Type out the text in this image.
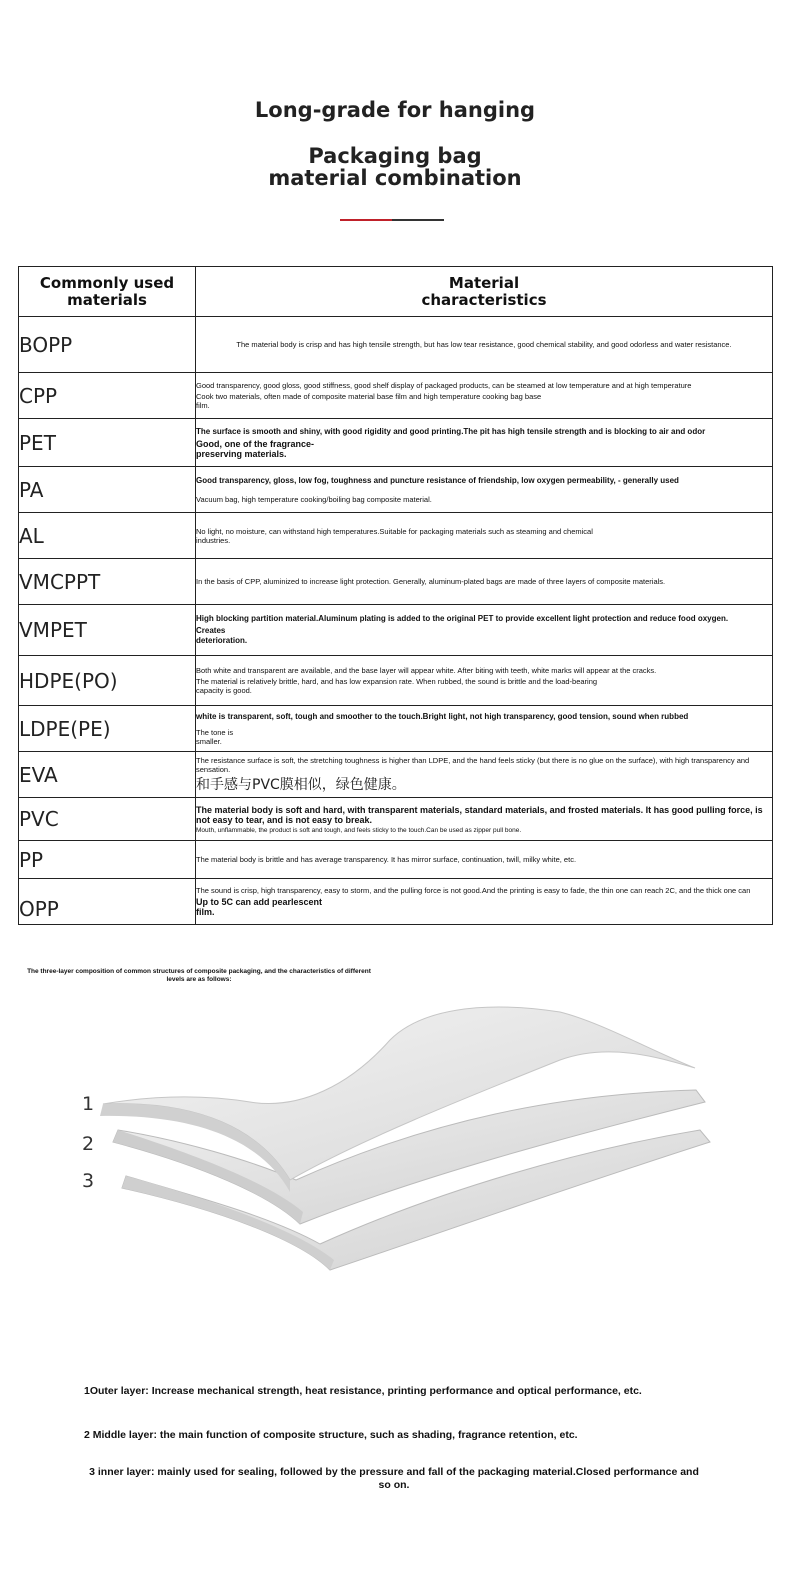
Long-grade for hanging
Packaging bag material combination
Commonly used materials	Material characteristics
BOPP	The material body is crisp and has high tensile strength, but has low tear resistance, good chemical stability, and good odorless and water resistance.

CPP	Good transparency, good gloss, good stiffness, good shelf display of packaged products, can be steamed at low temperature and at high temperature

Cook two materials, often made of composite material base film and high temperature cooking bag base film.

PET	The surface is smooth and shiny, with good rigidity and good printing.The pit has high tensile strength and is blocking to air and odor

Good, one of the fragrance-preserving materials.

PA	Good transparency, gloss, low fog, toughness and puncture resistance of friendship, low oxygen permeability, - generally used

Vacuum bag, high temperature cooking/boiling bag composite material.

AL	No light, no moisture, can withstand high temperatures.Suitable for packaging materials such as steaming and chemical industries.

VMCPPT	In the basis of CPP, aluminized to increase light protection. Generally, aluminum-plated bags are made of three layers of composite materials.

VMPET	High blocking partition material.Aluminum plating is added to the original PET to provide excellent light protection and reduce food oxygen.

Creates deterioration.

HDPE(PO)	Both white and transparent are available, and the base layer will appear white. After biting with teeth, white marks will appear at the cracks.

The material is relatively brittle, hard, and has low expansion rate. When rubbed, the sound is brittle and the load-bearing capacity is good.

LDPE(PE)	white is transparent, soft, tough and smoother to the touch.Bright light, not high transparency, good tension, sound when rubbed

The tone is smaller.

EVA	The resistance surface is soft, the stretching toughness is higher than LDPE, and the hand feels sticky (but there is no glue on the surface), with high transparency and sensation.

和手感与PVC膜相似，绿色健康。

PVC	The material body is soft and hard, with transparent materials, standard materials, and frosted materials. It has good pulling force, is not easy to tear, and is not easy to break.

Mouth, unflammable, the product is soft and tough, and feels sticky to the touch.Can be used as zipper pull bone.

PP	The material body is brittle and has average transparency. It has mirror surface, continuation, twill, milky white, etc.

OPP	The sound is crisp, high transparency, easy to storm, and the pulling force is not good.And the printing is easy to fade, the thin one can reach 2C, and the thick one can

Up to 5C can add pearlescent film.

The three-layer composition of common structures of composite packaging, and the characteristics of different levels are as follows:
1
2
3
1Outer layer: Increase mechanical strength, heat resistance, printing performance and optical performance, etc.
2 Middle layer: the main function of composite structure, such as shading, fragrance retention, etc.
3 inner layer: mainly used for sealing, followed by the pressure and fall of the packaging material.Closed performance and so on.
